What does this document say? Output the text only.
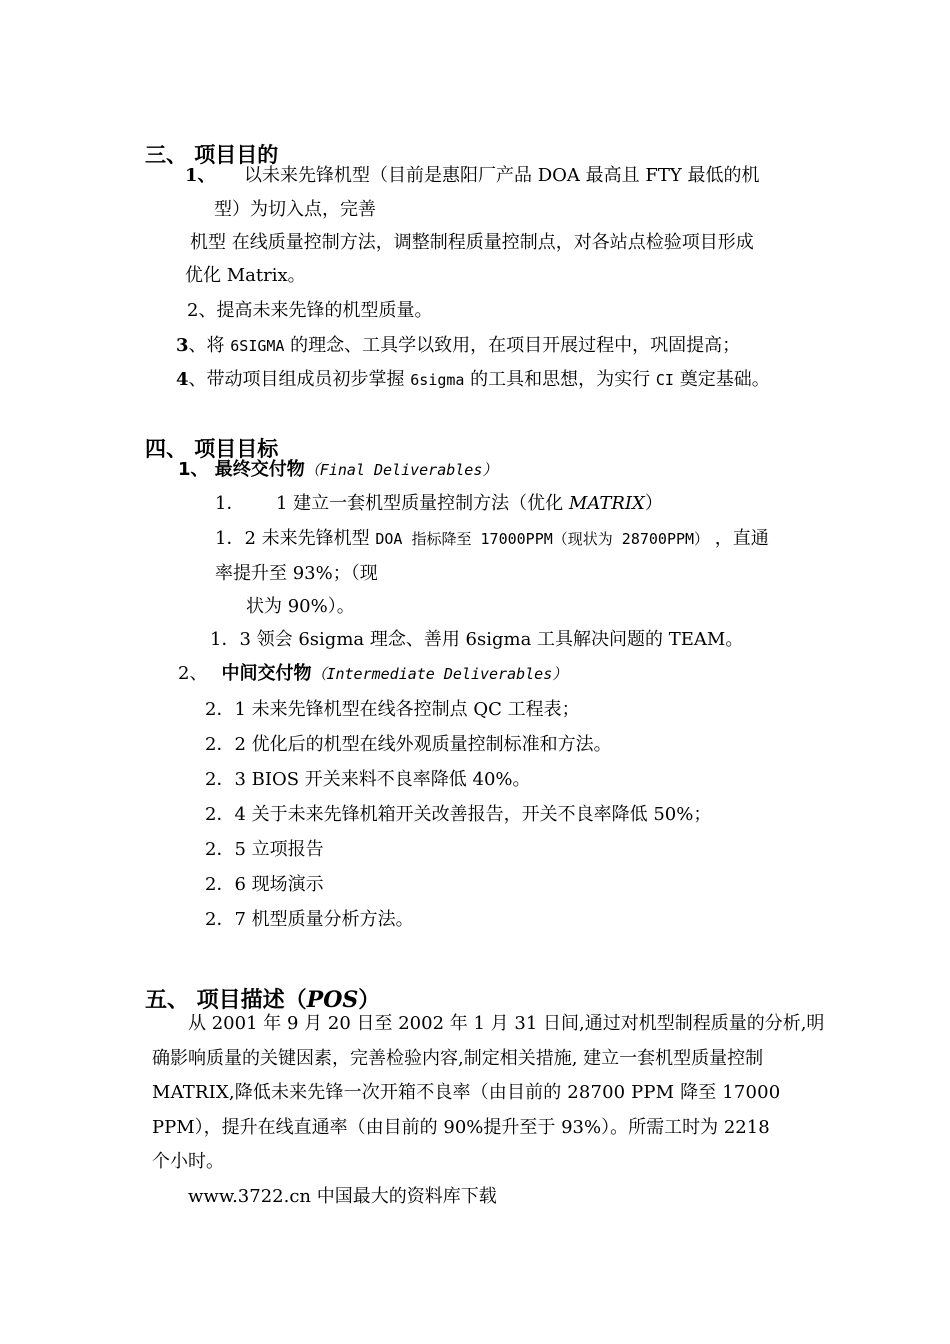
三、 项目目的
1、 以未来先锋机型（目前是惠阳厂产品 DOA 最高且 FTY 最低的机
型）为切入点，完善
机型 在线质量控制方法，调整制程质量控制点，对各站点检验项目形成
优化 Matrix。
2、提高未来先锋的机型质量。
3、将 6SIGMA 的理念、工具学以致用，在项目开展过程中，巩固提高；
4、带动项目组成员初步掌握 6sigma 的工具和思想，为实行 CI 奠定基础。
四、 项目目标
1、 最终交付物（Final Deliverables）
1． 1 建立一套机型质量控制方法（优化 MATRIX）
1．2 未来先锋机型 DOA 指标降至 17000PPM（现状为 28700PPM） ，直通
率提升至 93%；（现
状为 90%）。
1．3 领会 6sigma 理念、善用 6sigma 工具解决问题的 TEAM。
2、 中间交付物（Intermediate Deliverables）
2．1 未来先锋机型在线各控制点 QC 工程表；
2．2 优化后的机型在线外观质量控制标准和方法。
2．3 BIOS 开关来料不良率降低 40%。
2．4 关于未来先锋机箱开关改善报告，开关不良率降低 50%；
2．5 立项报告
2．6 现场演示
2．7 机型质量分析方法。
五、 项目描述（POS）
从 2001 年 9 月 20 日至 2002 年 1 月 31 日间,通过对机型制程质量的分析,明
确影响质量的关键因素，完善检验内容,制定相关措施, 建立一套机型质量控制
MATRIX,降低未来先锋一次开箱不良率（由目前的 28700 PPM 降至 17000
PPM），提升在线直通率（由目前的 90%提升至于 93%）。所需工时为 2218
个小时。
www.3722.cn 中国最大的资料库下载
